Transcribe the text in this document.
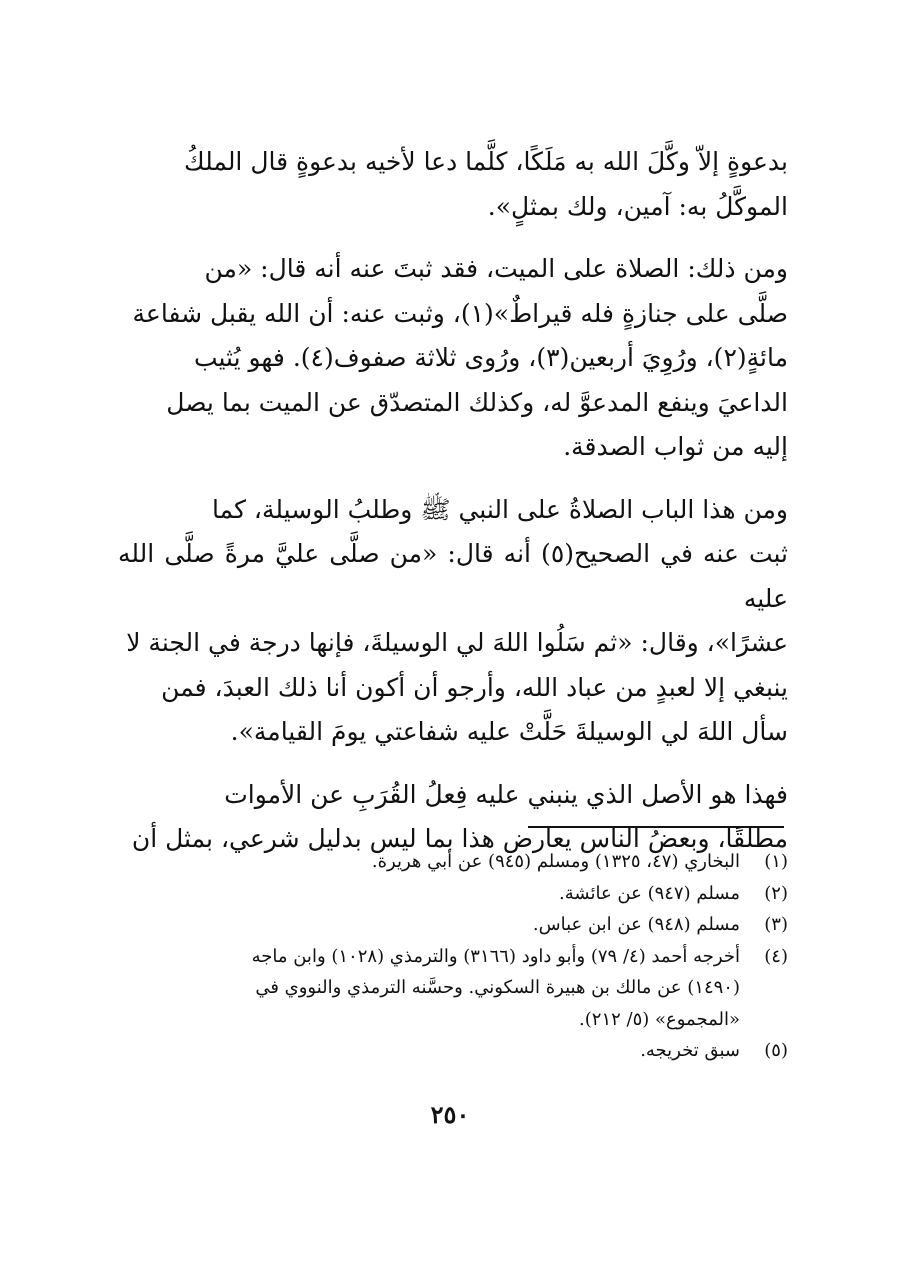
بدعوةٍ إلاّ وكَّلَ الله به مَلَكًا، كلَّما دعا لأخيه بدعوةٍ قال الملكُ

الموكَّلُ به: آمين، ولك بمثلٍ».

ومن ذلك: الصلاة على الميت، فقد ثبتَ عنه أنه قال: «من

صلَّى على جنازةٍ فله قيراطٌ»(١)، وثبت عنه: أن الله يقبل شفاعة

مائةٍ(٢)، ورُوِيَ أربعين(٣)، ورُوى ثلاثة صفوف(٤). فهو يُثيب

الداعيَ وينفع المدعوَّ له، وكذلك المتصدّق عن الميت بما يصل

إليه من ثواب الصدقة.

ومن هذا الباب الصلاةُ على النبي ﷺ وطلبُ الوسيلة، كما

ثبت عنه في الصحيح(٥) أنه قال: «من صلَّى عليَّ مرةً صلَّى الله عليه

عشرًا»، وقال: «ثم سَلُوا اللهَ لي الوسيلةَ، فإنها درجة في الجنة لا

ينبغي إلا لعبدٍ من عباد الله، وأرجو أن أكون أنا ذلك العبدَ، فمن

سأل اللهَ لي الوسيلةَ حَلَّتْ عليه شفاعتي يومَ القيامة».

فهذا هو الأصل الذي ينبني عليه فِعلُ القُرَبِ عن الأموات

مطلقًا، وبعضُ الناس يعارض هذا بما ليس بدليل شرعي، بمثل أن

(١)
البخاري (٤٧، ١٣٢٥) ومسلم (٩٤٥) عن أبي هريرة.
(٢)
مسلم (٩٤٧) عن عائشة.
(٣)
مسلم (٩٤٨) عن ابن عباس.
(٤)
أخرجه أحمد (٤/ ٧٩) وأبو داود (٣١٦٦) والترمذي (١٠٢٨) وابن ماجه
(١٤٩٠) عن مالك بن هبيرة السكوني. وحسَّنه الترمذي والنووي في
«المجموع» (٥/ ٢١٢).
(٥)
سبق تخريجه.
٢٥٠
